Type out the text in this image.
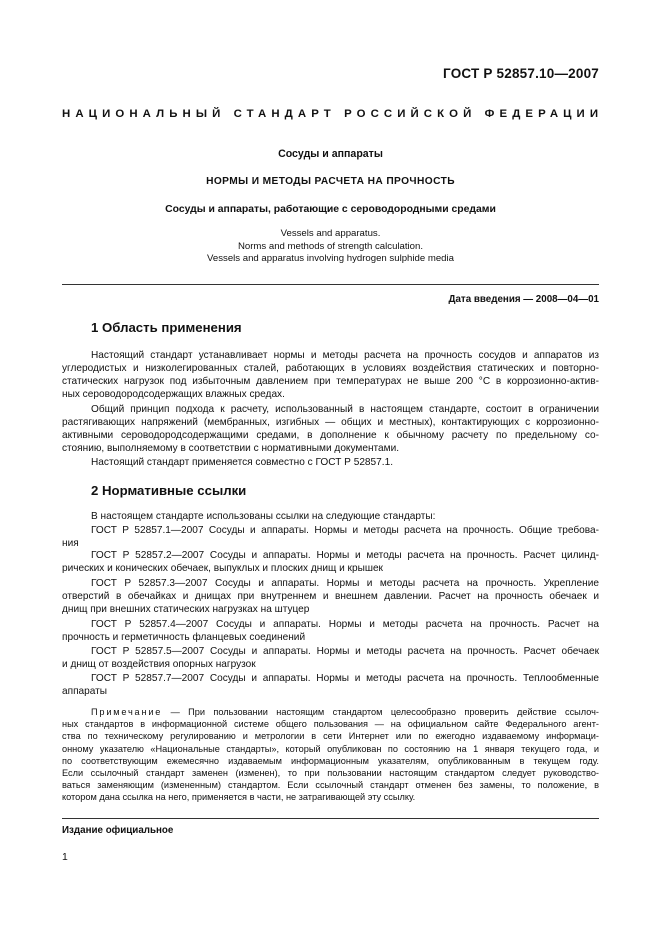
ГОСТ Р 52857.10—2007
НАЦИОНАЛЬНЫЙ СТАНДАРТ РОССИЙСКОЙ ФЕДЕРАЦИИ
Сосуды и аппараты
НОРМЫ И МЕТОДЫ РАСЧЕТА НА ПРОЧНОСТЬ
Сосуды и аппараты, работающие с сероводородными средами
Vessels and apparatus.
Norms and methods of strength calculation.
Vessels and apparatus involving hydrogen sulphide media
Дата введения — 2008—04—01
1 Область применения
Настоящий стандарт устанавливает нормы и методы расчета на прочность сосудов и аппаратов из
углеродистых и низколегированных сталей, работающих в условиях воздействия статических и повторно-
статических нагрузок под избыточным давлением при температурах не выше 200 °С в коррозионно-актив-
ных сероводородсодержащих влажных средах.
Общий принцип подхода к расчету, использованный в настоящем стандарте, состоит в ограничении
растягивающих напряжений (мембранных, изгибных — общих и местных), контактирующих с коррозионно-
активными сероводородсодержащими средами, в дополнение к обычному расчету по предельному со-
стоянию, выполняемому в соответствии с нормативными документами.
Настоящий стандарт применяется совместно с ГОСТ Р 52857.1.
2 Нормативные ссылки
В настоящем стандарте использованы ссылки на следующие стандарты:
ГОСТ Р 52857.1—2007 Сосуды и аппараты. Нормы и методы расчета на прочность. Общие требова-
ния
ГОСТ Р 52857.2—2007 Сосуды и аппараты. Нормы и методы расчета на прочность. Расчет цилинд-
рических и конических обечаек, выпуклых и плоских днищ и крышек
ГОСТ Р 52857.3—2007 Сосуды и аппараты. Нормы и методы расчета на прочность. Укрепление
отверстий в обечайках и днищах при внутреннем и внешнем давлении. Расчет на прочность обечаек и
днищ при внешних статических нагрузках на штуцер
ГОСТ Р 52857.4—2007 Сосуды и аппараты. Нормы и методы расчета на прочность. Расчет на
прочность и герметичность фланцевых соединений
ГОСТ Р 52857.5—2007 Сосуды и аппараты. Нормы и методы расчета на прочность. Расчет обечаек
и днищ от воздействия опорных нагрузок
ГОСТ Р 52857.7—2007 Сосуды и аппараты. Нормы и методы расчета на прочность. Теплообменные
аппараты
Примечание — При пользовании настоящим стандартом целесообразно проверить действие ссылоч-
ных стандартов в информационной системе общего пользования — на официальном сайте Федерального агент-
ства по техническому регулированию и метрологии в сети Интернет или по ежегодно издаваемому информаци-
онному указателю «Национальные стандарты», который опубликован по состоянию на 1 января текущего года, и
по соответствующим ежемесячно издаваемым информационным указателям, опубликованным в текущем году.
Если ссылочный стандарт заменен (изменен), то при пользовании настоящим стандартом следует руководство-
ваться заменяющим (измененным) стандартом. Если ссылочный стандарт отменен без замены, то положение, в
котором дана ссылка на него, применяется в части, не затрагивающей эту ссылку.
Издание официальное
1
